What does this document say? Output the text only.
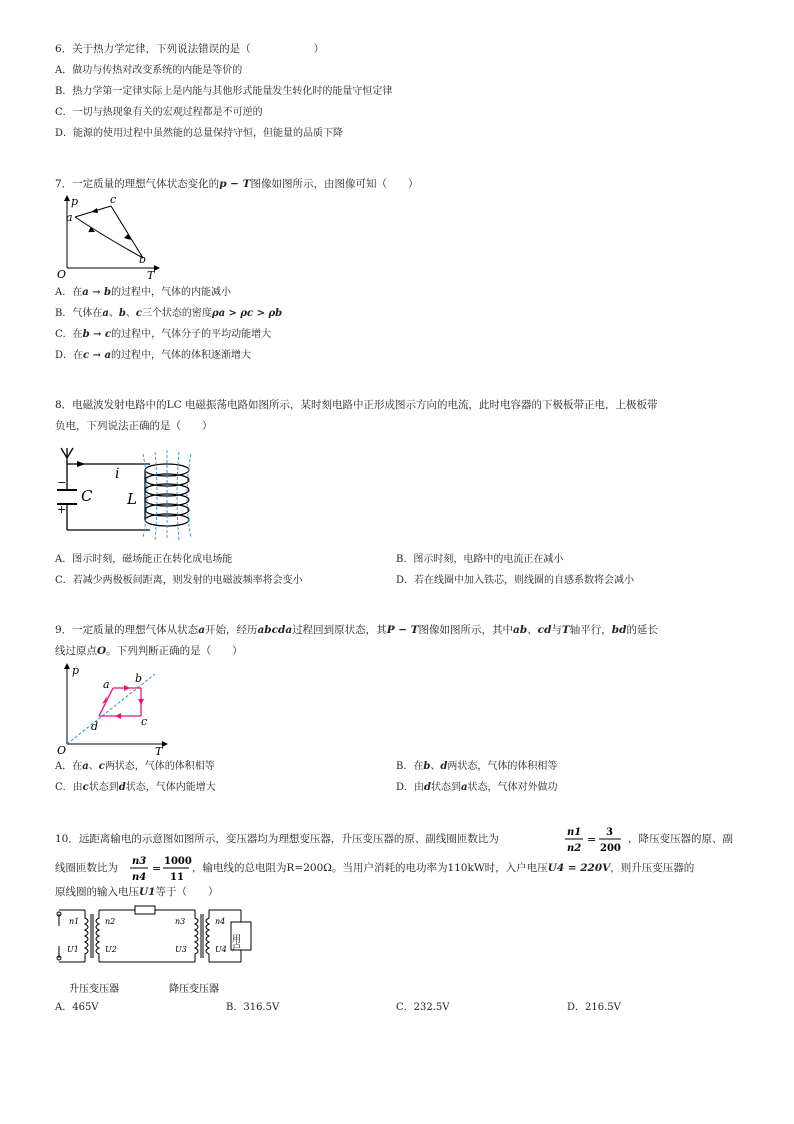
6．关于热力学定律，下列说法错误的是（　　　　　　）
A．做功与传热对改变系统的内能是等价的
B．热力学第一定律实际上是内能与其他形式能量发生转化时的能量守恒定律
C．一切与热现象有关的宏观过程都是不可逆的
D．能源的使用过程中虽然能的总量保持守恒，但能量的品质下降
7．一定质量的理想气体状态变化的p − T图像如图所示，由图像可知（　　）
p
T
O
a
b
c
A．在a → b的过程中，气体的内能减小
B．气体在a、b、c三个状态的密度ρa > ρc > ρb
C．在b → c的过程中，气体分子的平均动能增大
D．在c → a的过程中，气体的体积逐渐增大
8．电磁波发射电路中的LC 电磁振荡电路如图所示，某时刻电路中正形成图示方向的电流，此时电容器的下极板带正电，上极板带
负电，下列说法正确的是（　　）
−
+
C
i
L
A．图示时刻，磁场能正在转化成电场能	B．图示时刻，电路中的电流正在减小
C．若减少两极板间距离，则发射的电磁波频率将会变小	D．若在线圈中加入铁芯，则线圈的自感系数将会减小
9．一定质量的理想气体从状态a开始，经历abcda过程回到原状态，其P − T图像如图所示，其中ab、cd与T轴平行，bd的延长
线过原点O。下列判断正确的是（　　）
p
T
O
a b
c
d
A．在a、c两状态，气体的体积相等	B．在b、d两状态，气体的体积相等
C．由c状态到d状态，气体内能增大	D．由d状态到a状态，气体对外做功
10．远距离输电的示意图如图所示，变压器均为理想变压器，升压变压器的原、副线圈匝数比为
n1
n2
=
3
200
，降压变压器的原、副
线圈匝数比为
n3
n4
=
1000
11
，输电线的总电阻为R=200Ω。当用户消耗的电功率为110kW时，入户电压U4 = 220V，则升压变压器的
原线圈的输入电压U1等于（　　）
用户
n1
U1
n2
U2
n3
U3
n4
U4
升压变压器	降压变压器
A．465V	B．316.5V	C．232.5V	D．216.5V
